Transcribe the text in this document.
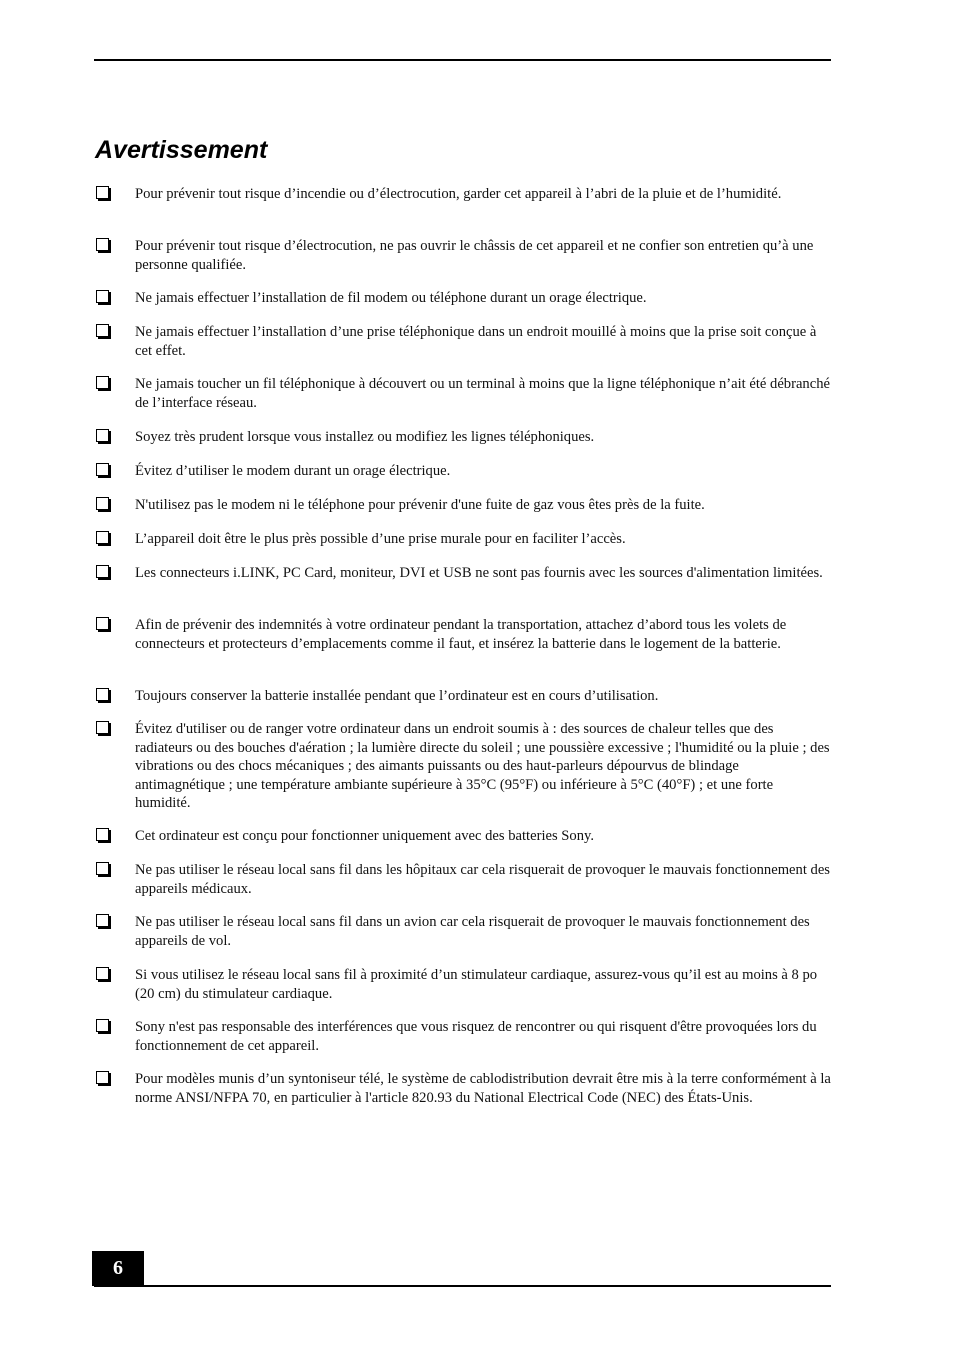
Avertissement
Pour prévenir tout risque d’incendie ou d’électrocution, garder cet appareil à l’abri de la pluie et de l’humidité.
Pour prévenir tout risque d’électrocution, ne pas ouvrir le châssis de cet appareil et ne confier son entretien qu’à une personne qualifiée.
Ne jamais effectuer l’installation de fil modem ou téléphone durant un orage électrique.
Ne jamais effectuer l’installation d’une prise téléphonique dans un endroit mouillé à moins que la prise soit conçue à cet effet.
Ne jamais toucher un fil téléphonique à découvert ou un terminal à moins que la ligne téléphonique n’ait été débranché de l’interface réseau.
Soyez très prudent lorsque vous installez ou modifiez les lignes téléphoniques.
Évitez d’utiliser le modem durant un orage électrique.
N'utilisez pas le modem ni le téléphone pour prévenir d'une fuite de gaz vous êtes près de la fuite.
L’appareil doit être le plus près possible d’une prise murale pour en faciliter l’accès.
Les connecteurs i.LINK, PC Card, moniteur, DVI et USB ne sont pas fournis avec les sources d'alimentation limitées.
Afin de prévenir des indemnités à votre ordinateur pendant la transportation, attachez d’abord tous les volets de connecteurs et protecteurs d’emplacements comme il faut, et insérez la batterie dans le logement de la batterie.
Toujours conserver la batterie installée pendant que l’ordinateur est en cours d’utilisation.
Évitez d'utiliser ou de ranger votre ordinateur dans un endroit soumis à : des sources de chaleur telles que des radiateurs ou des bouches d'aération ; la lumière directe du soleil ; une poussière excessive ; l'humidité ou la pluie ; des vibrations ou des chocs mécaniques ; des aimants puissants ou des haut-parleurs dépourvus de blindage antimagnétique ; une température ambiante supérieure à 35°C (95°F) ou inférieure à 5°C (40°F) ; et une forte humidité.
Cet ordinateur est conçu pour fonctionner uniquement avec des batteries Sony.
Ne pas utiliser le réseau local sans fil dans les hôpitaux car cela risquerait de provoquer le mauvais fonctionnement des appareils médicaux.
Ne pas utiliser le réseau local sans fil dans un avion car cela risquerait de provoquer le mauvais fonctionnement des appareils de vol.
Si vous utilisez le réseau local sans fil à proximité d’un stimulateur cardiaque, assurez-vous qu’il est au moins à 8 po (20 cm) du stimulateur cardiaque.
Sony n'est pas responsable des interférences que vous risquez de rencontrer ou qui risquent d'être provoquées lors du fonctionnement de cet appareil.
Pour modèles munis d’un syntoniseur télé, le système de cablodistribution devrait être mis à la terre conformément à la norme ANSI/NFPA 70, en particulier à l'article 820.93 du National Electrical Code (NEC) des États-Unis.
6
